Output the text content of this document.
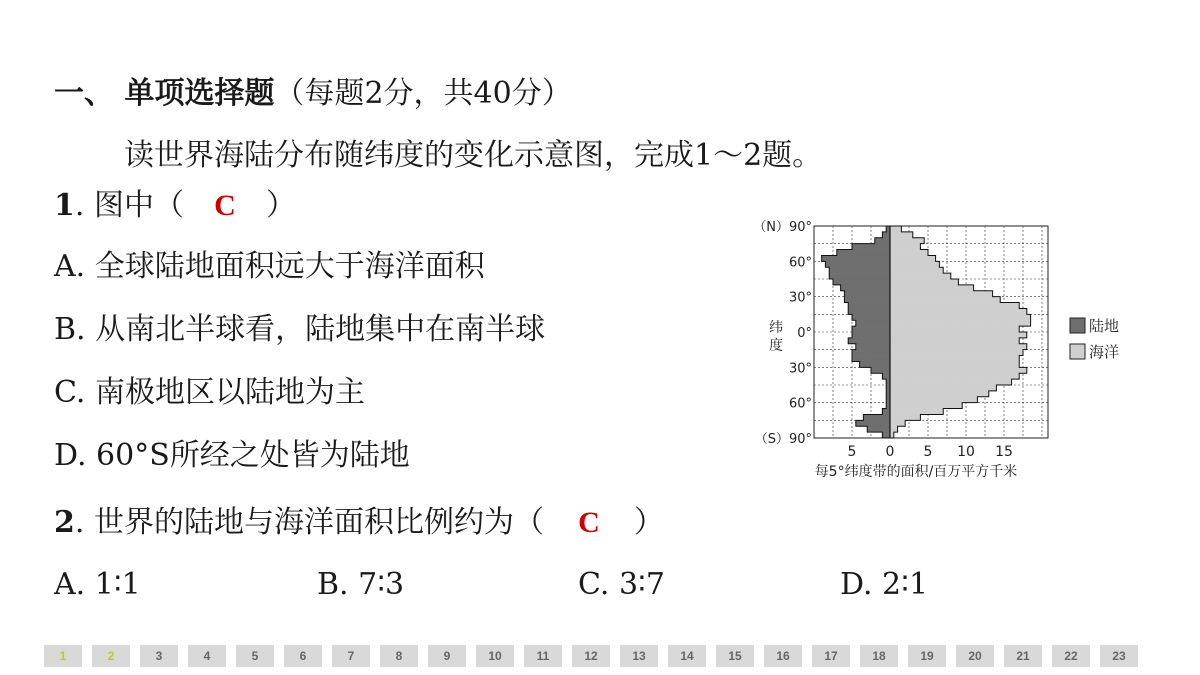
一、 单项选择题（每题2分，共40分）
读世界海陆分布随纬度的变化示意图，完成1～2题。
1. 图中（ C ）
A. 全球陆地面积远大于海洋面积
B. 从南北半球看，陆地集中在南半球
C. 南极地区以陆地为主
D. 60°S所经之处皆为陆地
2. 世界的陆地与海洋面积比例约为（ C ）
A. 1∶1	B. 7∶3	C. 3∶7	D. 2∶1
（N）90°
60°
30°
0°
30°
60°
（S）90°
5 0 5 10 15
纬
度
每5°纬度带的面积/百万平方千米
陆地
海洋
1	2	3	4	5	6	7	8	9	10	11	12	13	14	15	16	17	18	19	20	21	22	23
